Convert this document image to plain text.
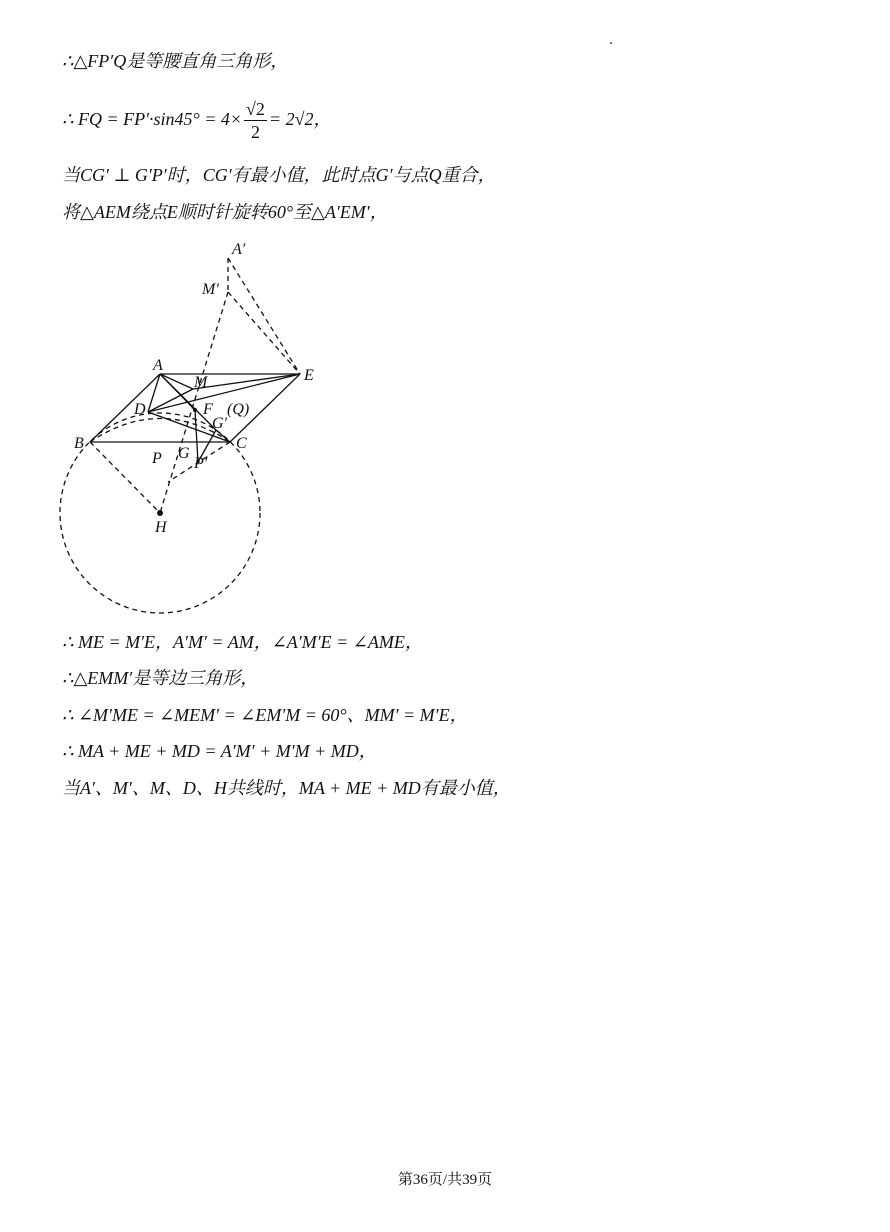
∴△FP′Q是等腰直角三角形，
∴ FQ = $FP'\cdot\sin 45^\circ = 4\times \frac{√2}{2} = 2√2$，
当CG′ ⊥ G′P′时，CG′有最小值，此时点G′与点Q重合，
将△AEM绕点E顺时针旋转60°至△A′EM′，
A′
M′
A
M	E
D	F (Q)
G′
B	C
P G
P′
H
∴ ME = M′E，A′M′ = AM，∠A′M′E = ∠AME，
∴△EMM′是等边三角形，
∴ ∠M′ME = ∠MEM′ = ∠EM′M = 60°、MM′ = M′E，
∴ MA + ME + MD = A′M′ + M′M + MD，
当A′、M′、M、D、H共线时，MA + ME + MD有最小值，
第36页/共39页
